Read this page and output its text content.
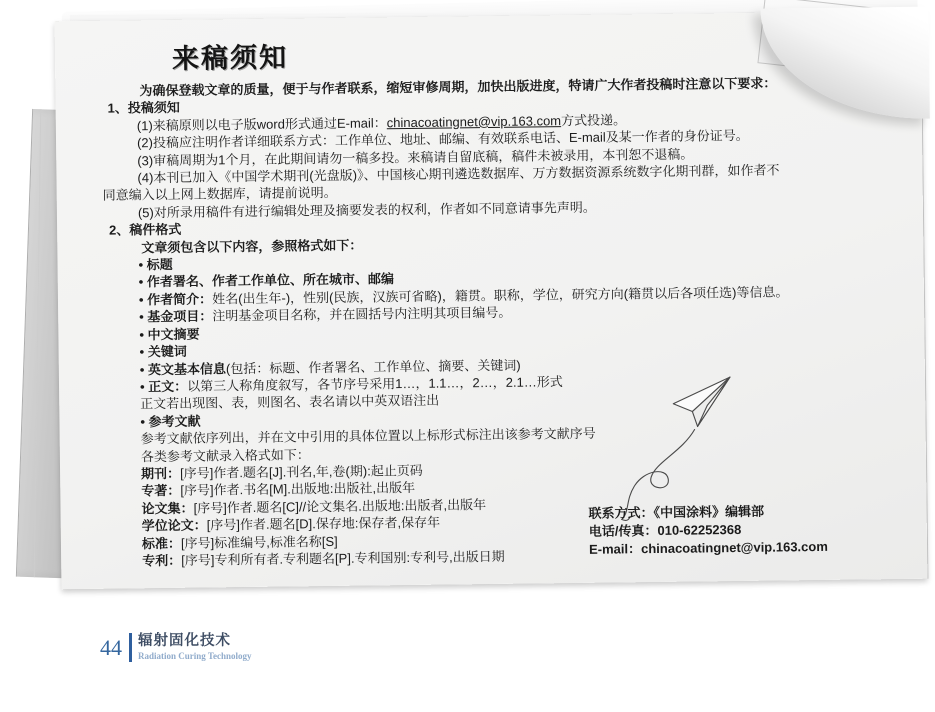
来稿须知
为确保登载文章的质量，便于与作者联系，缩短审修周期，加快出版进度，特请广大作者投稿时注意以下要求：
1、投稿须知
(1)来稿原则以电子版word形式通过E-mail：chinacoatingnet@vip.163.com方式投递。
(2)投稿应注明作者详细联系方式：工作单位、地址、邮编、有效联系电话、E-mail及某一作者的身份证号。
(3)审稿周期为1个月，在此期间请勿一稿多投。来稿请自留底稿，稿件未被录用，本刊恕不退稿。
(4)本刊已加入《中国学术期刊(光盘版)》、中国核心期刊遴选数据库、万方数据资源系统数字化期刊群，如作者不
同意编入以上网上数据库，请提前说明。
(5)对所录用稿件有进行编辑处理及摘要发表的权利，作者如不同意请事先声明。
2、稿件格式
文章须包含以下内容，参照格式如下：
• 标题
• 作者署名、作者工作单位、所在城市、邮编
• 作者简介：姓名(出生年-)，性别(民族，汉族可省略)，籍贯。职称，学位，研究方向(籍贯以后各项任选)等信息。
• 基金项目：注明基金项目名称，并在圆括号内注明其项目编号。
• 中文摘要
• 关键词
• 英文基本信息(包括：标题、作者署名、工作单位、摘要、关键词)
• 正文：以第三人称角度叙写，各节序号采用1…，1.1…，2…，2.1…形式
正文若出现图、表，则图名、表名请以中英双语注出
• 参考文献
参考文献依序列出，并在文中引用的具体位置以上标形式标注出该参考文献序号
各类参考文献录入格式如下：
期刊：[序号]作者.题名[J].刊名,年,卷(期):起止页码
专著：[序号]作者.书名[M].出版地:出版社,出版年
论文集：[序号]作者.题名[C]//论文集名.出版地:出版者,出版年
学位论文：[序号]作者.题名[D].保存地:保存者,保存年
标准：[序号]标准编号,标准名称[S]
专利：[序号]专利所有者.专利题名[P].专利国别:专利号,出版日期
联系方式：《中国涂料》编辑部
电话/传真：010-62252368
E-mail：chinacoatingnet@vip.163.com
44 辐射固化技术
Radiation Curing Technology
